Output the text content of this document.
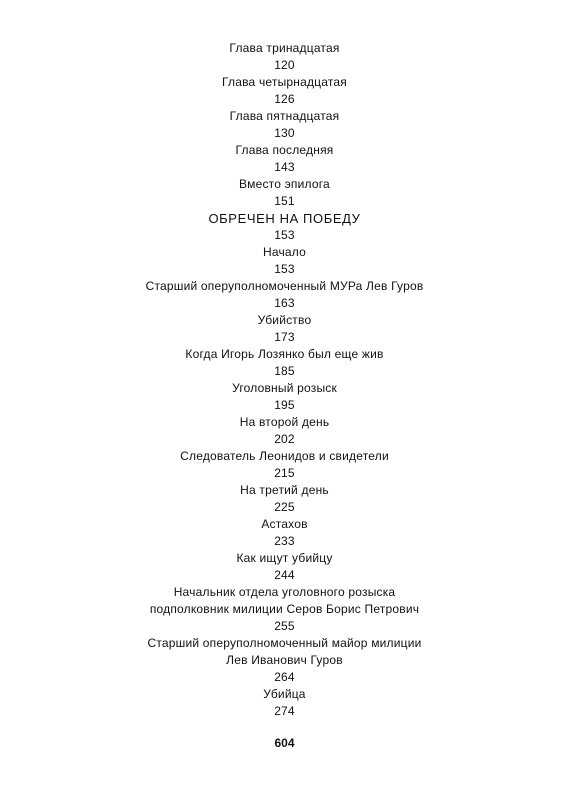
Глава тринадцатая
120
Глава четырнадцатая
126
Глава пятнадцатая
130
Глава последняя
143
Вместо эпилога
151
ОБРЕЧЕН НА ПОБЕДУ
153
Начало
153
Старший оперуполномоченный МУРа Лев Гуров
163
Убийство
173
Когда Игорь Лозянко был еще жив
185
Уголовный розыск
195
На второй день
202
Следователь Леонидов и свидетели
215
На третий день
225
Астахов
233
Как ищут убийцу
244
Начальник отдела уголовного розыска
подполковник милиции Серов Борис Петрович
255
Старший оперуполномоченный майор милиции
Лев Иванович Гуров
264
Убийца
274
604
